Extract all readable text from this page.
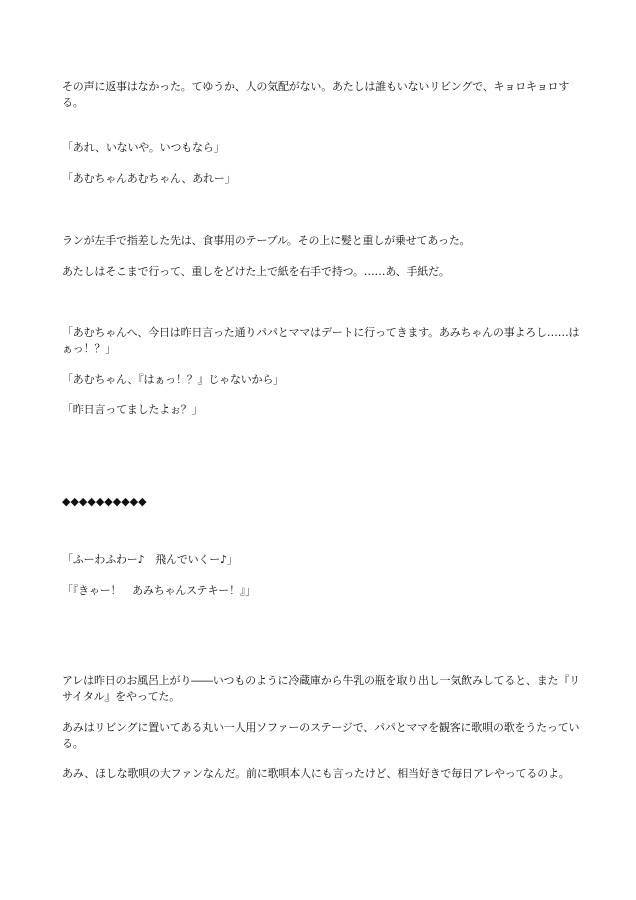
その声に返事はなかった。てゆうか、人の気配がない。あたしは誰もいないリビングで、キョロキョロする。
「あれ、いないや。いつもなら」
「あむちゃんあむちゃん、あれー」
ランが左手で指差した先は、食事用のテーブル。その上に髪と重しが乗せてあった。
あたしはそこまで行って、重しをどけた上で紙を右手で持つ。……あ、手紙だ。
「あむちゃんへ、今日は昨日言った通りパパとママはデートに行ってきます。あみちゃんの事よろし……はぁっ！？」
「あむちゃん、『はぁっ！？』じゃないから」
「昨日言ってましたよぉ？」
◆◆◆◆◆◆◆◆◆◆
「ふーわふわー♪　飛んでいくー♪」
「『きゃー！　あみちゃんステキー！』」
アレは昨日のお風呂上がり――いつものように冷蔵庫から牛乳の瓶を取り出し一気飲みしてると、また『リサイタル』をやってた。
あみはリビングに置いてある丸い一人用ソファーのステージで、パパとママを観客に歌唄の歌をうたっている。
あみ、ほしな歌唄の大ファンなんだ。前に歌唄本人にも言ったけど、相当好きで毎日アレやってるのよ。
